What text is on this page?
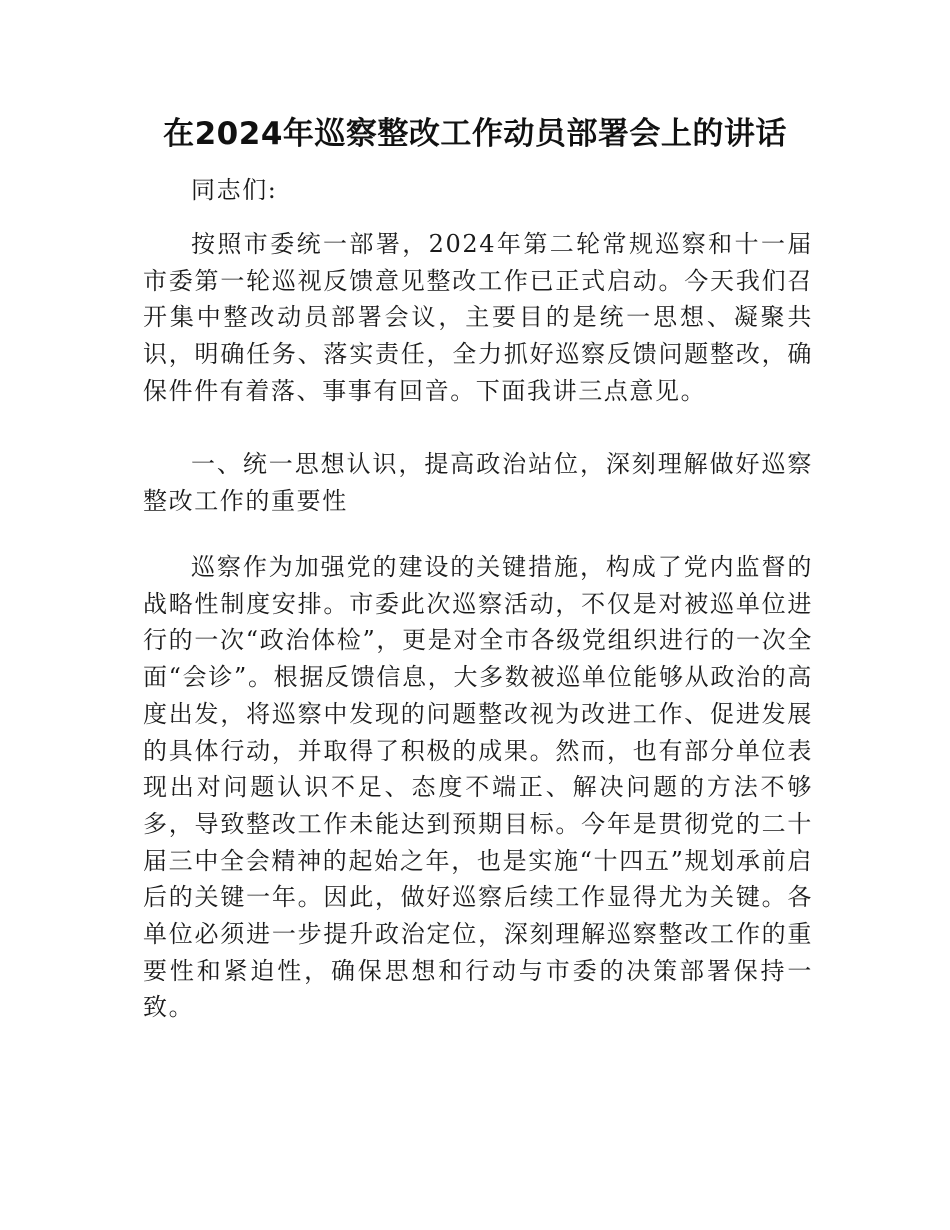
在2024年巡察整改工作动员部署会上的讲话

同志们:

按照市委统一部署，2024年第二轮常规巡察和十一届市委第一轮巡视反馈意见整改工作已正式启动。今天我们召开集中整改动员部署会议，主要目的是统一思想、凝聚共识，明确任务、落实责任，全力抓好巡察反馈问题整改，确保件件有着落、事事有回音。下面我讲三点意见。

一、统一思想认识，提高政治站位，深刻理解做好巡察整改工作的重要性

巡察作为加强党的建设的关键措施，构成了党内监督的战略性制度安排。市委此次巡察活动，不仅是对被巡单位进行的一次“政治体检”，更是对全市各级党组织进行的一次全面“会诊”。根据反馈信息，大多数被巡单位能够从政治的高度出发，将巡察中发现的问题整改视为改进工作、促进发展的具体行动，并取得了积极的成果。然而，也有部分单位表现出对问题认识不足、态度不端正、解决问题的方法不够多，导致整改工作未能达到预期目标。今年是贯彻党的二十届三中全会精神的起始之年，也是实施“十四五”规划承前启后的关键一年。因此，做好巡察后续工作显得尤为关键。各单位必须进一步提升政治定位，深刻理解巡察整改工作的重要性和紧迫性，确保思想和行动与市委的决策部署保持一致。
